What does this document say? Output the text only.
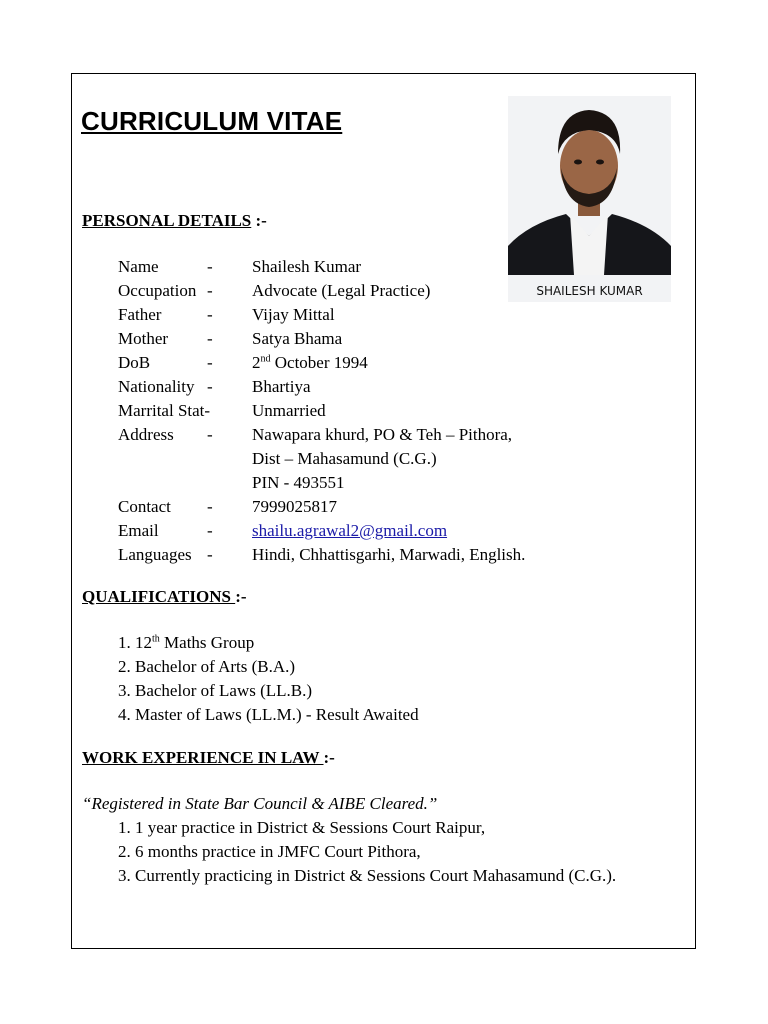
CURRICULUM VITAE
SHAILESH KUMAR
PERSONAL DETAILS :-
Name	- Shailesh Kumar
Occupation - Advocate (Legal Practice)
Father	- Vijay Mittal
Mother - Satya Bhama
DoB	- 2nd October 1994
Nationality - Bhartiya
Marrital Stat- Unmarried
Address - Nawapara khurd, PO & Teh – Pithora,
Dist – Mahasamund (C.G.)
PIN - 493551
Contact - 7999025817
Email	- shailu.agrawal2@gmail.com
Languages - Hindi, Chhattisgarhi, Marwadi, English.
QUALIFICATIONS :-

1. 12th Maths Group

2. Bachelor of Arts (B.A.)

3. Bachelor of Laws (LL.B.)

4. Master of Laws (LL.M.) - Result Awaited

WORK EXPERIENCE IN LAW :-

“Registered in State Bar Council & AIBE Cleared.”

1. 1 year practice in District & Sessions Court Raipur,

2. 6 months practice in JMFC Court Pithora,

3. Currently practicing in District & Sessions Court Mahasamund (C.G.).
